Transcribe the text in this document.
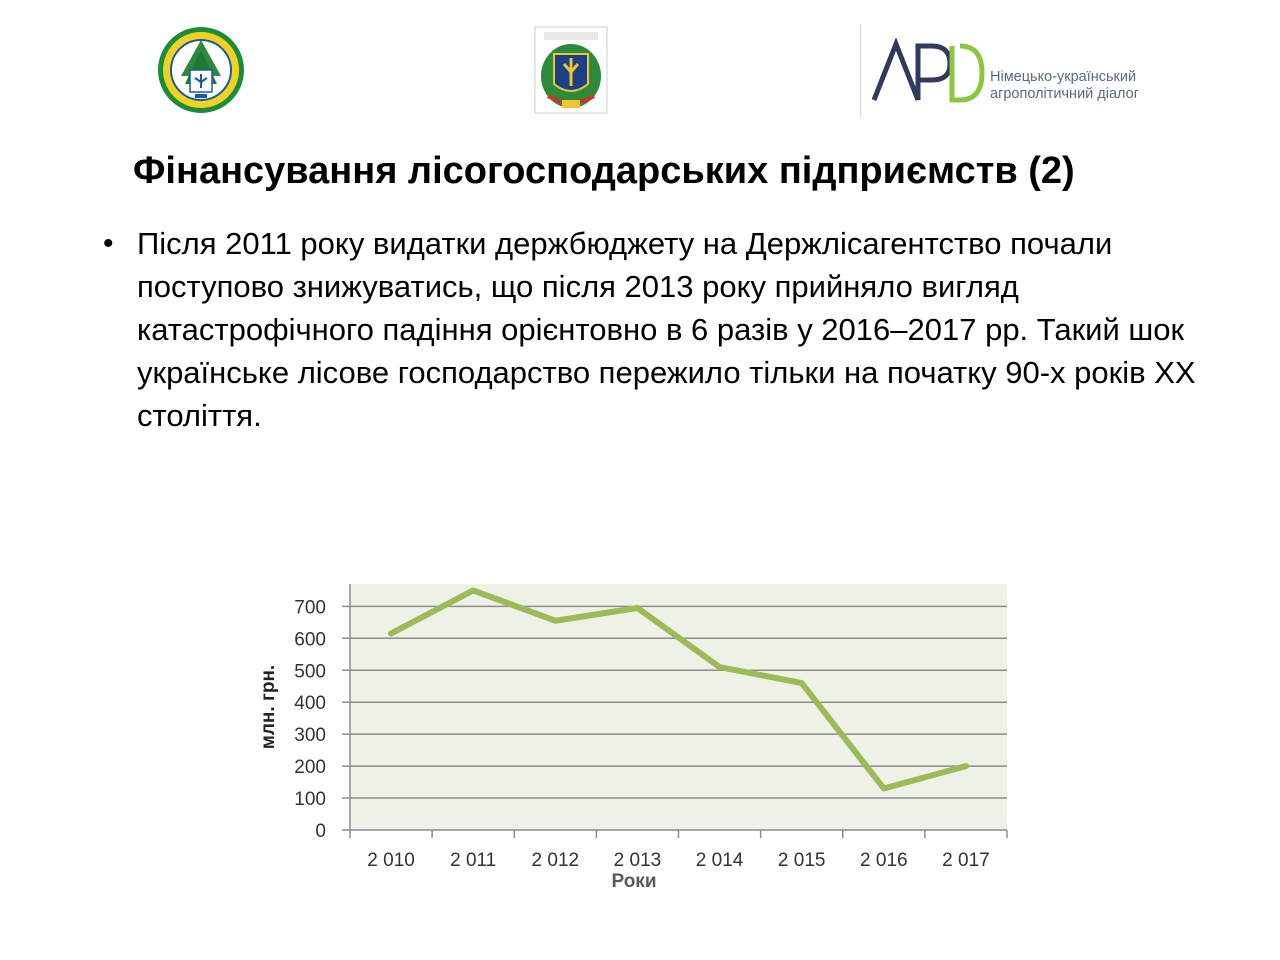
Німецько-український
агрополітичний діалог
Фінансування лісогосподарських підприємств (2)
• Після 2011 року видатки держбюджету на Держлісагентство почали поступово знижуватись, що після 2013 року прийняло вигляд катастрофічного падіння орієнтовно в 6 разів у 2016–2017 рр. Такий шок українське лісове господарство пережило тільки на початку 90-х років ХХ століття.

0
100
200
300
400
500
600
700
2 010 2 011 2 012 2 013 2 014 2 015 2 016 2 017
Роки
млн. грн.
